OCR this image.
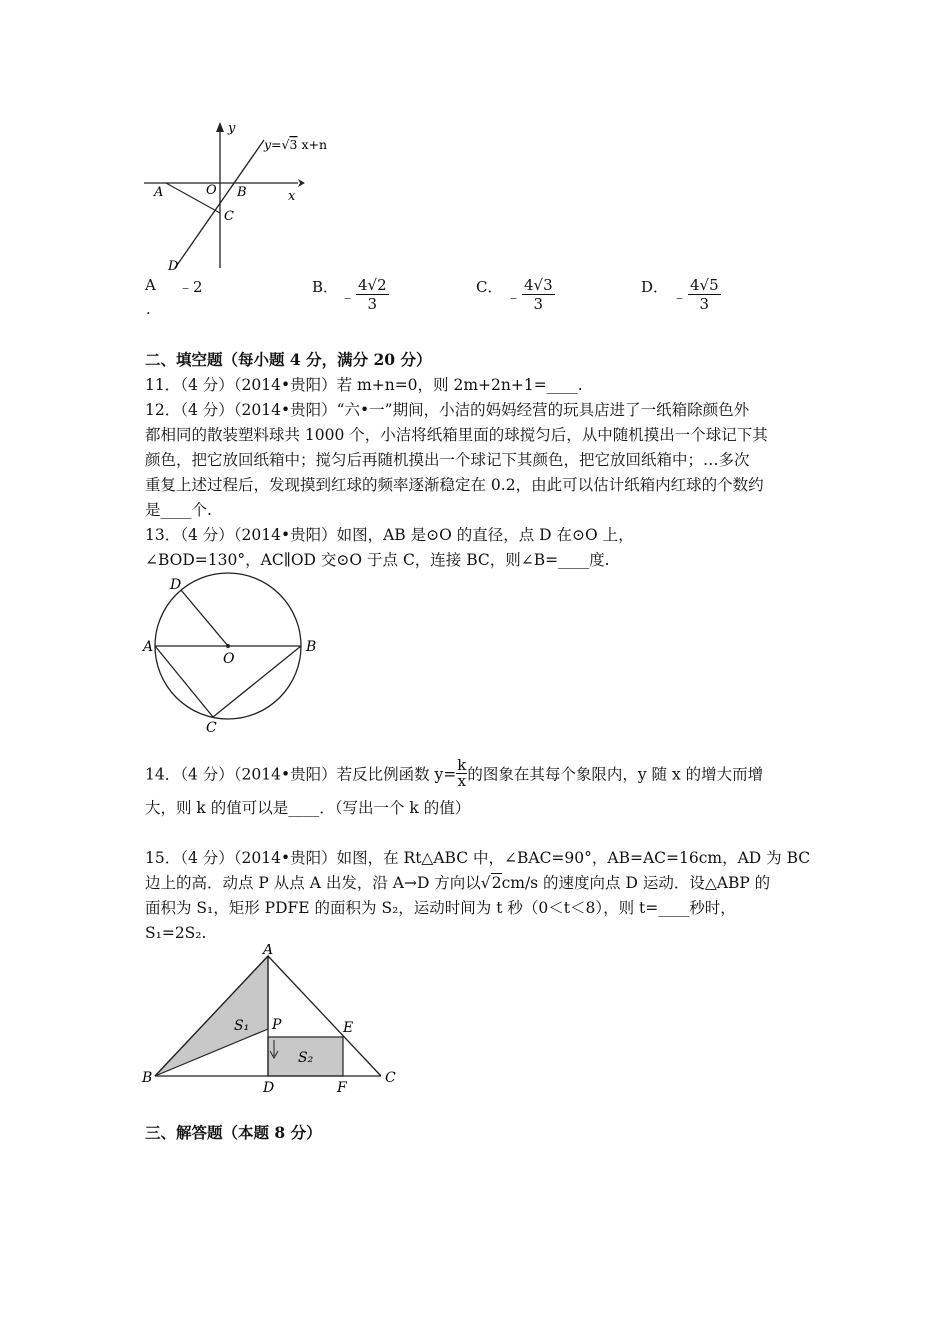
y
x
O
A	B
C
D
y=√3 x+n
A ﹣2
.
B．
﹣ $\frac{4√2}{3}$	C．
﹣ $\frac{4√3}{3}$	D．
﹣ $\frac{4√5}{3}$
二、填空题（每小题 4 分，满分 20 分）
11．（4 分）（2014•贵阳）若 m+n=0，则 2m+2n+1=____.
12．（4 分）（2014•贵阳）“六•一”期间，小洁的妈妈经营的玩具店进了一纸箱除颜色外
都相同的散装塑料球共 1000 个，小洁将纸箱里面的球搅匀后，从中随机摸出一个球记下其
颜色，把它放回纸箱中；搅匀后再随机摸出一个球记下其颜色，把它放回纸箱中；…多次
重复上述过程后，发现摸到红球的频率逐渐稳定在 0.2，由此可以估计纸箱内红球的个数约
是____个.
13．（4 分）（2014•贵阳）如图，AB 是⊙O 的直径，点 D 在⊙O 上，
∠BOD=130°，AC∥OD 交⊙O 于点 C，连接 BC，则∠B=____度.
D
A
O
B
C
14．（4 分）（2014•贵阳）若反比例函数 $y= \frac{k}{x}$ 的图象在其每个象限内，y 随 x 的增大而增
大，则 k 的值可以是____．（写出一个 k 的值）
15．（4 分）（2014•贵阳）如图，在 Rt△ABC 中，∠BAC=90°，AB=AC=16cm，AD 为 BC
边上的高．动点 P 从点 A 出发，沿 A→D 方向以√2cm/s 的速度向点 D 运动．设△ABP 的
面积为 S₁，矩形 PDFE 的面积为 S₂，运动时间为 t 秒（0＜t＜8），则 t=____秒时，
S₁=2S₂.
A
S₁ P	E
S₂
B
D	F
C
三、解答题（本题 8 分）
